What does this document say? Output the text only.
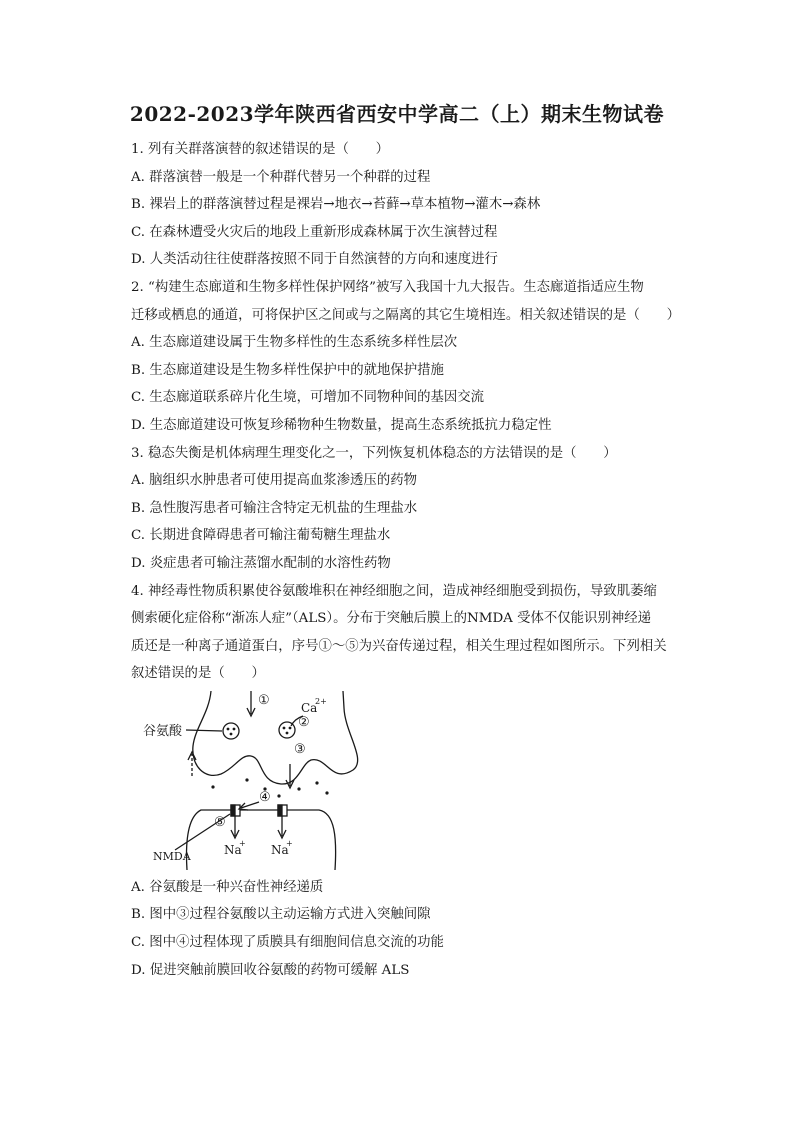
2022-2023学年陕西省西安中学高二（上）期末生物试卷
1. 列有关群落演替的叙述错误的是（　　）
A. 群落演替一般是一个种群代替另一个种群的过程
B. 裸岩上的群落演替过程是裸岩→地衣→苔藓→草本植物→灌木→森林
C. 在森林遭受火灾后的地段上重新形成森林属于次生演替过程
D. 人类活动往往使群落按照不同于自然演替的方向和速度进行
2. “构建生态廊道和生物多样性保护网络”被写入我国十九大报告。生态廊道指适应生物
迁移或栖息的通道，可将保护区之间或与之隔离的其它生境相连。相关叙述错误的是（　　）
A. 生态廊道建设属于生物多样性的生态系统多样性层次
B. 生态廊道建设是生物多样性保护中的就地保护措施
C. 生态廊道联系碎片化生境，可增加不同物种间的基因交流
D. 生态廊道建设可恢复珍稀物种生物数量，提高生态系统抵抗力稳定性
3. 稳态失衡是机体病理生理变化之一，下列恢复机体稳态的方法错误的是（　　）
A. 脑组织水肿患者可使用提高血浆渗透压的药物
B. 急性腹泻患者可输注含特定无机盐的生理盐水
C. 长期进食障碍患者可输注葡萄糖生理盐水
D. 炎症患者可输注蒸馏水配制的水溶性药物
4. 神经毒性物质积累使谷氨酸堆积在神经细胞之间，造成神经细胞受到损伤，导致肌萎缩
侧索硬化症俗称“渐冻人症”（ALS）。分布于突触后膜上的NMDA 受体不仅能识别神经递
质还是一种离子通道蛋白，序号①～⑤为兴奋传递过程，相关生理过程如图所示。下列相关
叙述错误的是（　　）
谷氨酸
①	Ca
2+
②
③
④
⑤
NMDA	Na
+ Na
+
A. 谷氨酸是一种兴奋性神经递质
B. 图中③过程谷氨酸以主动运输方式进入突触间隙
C. 图中④过程体现了质膜具有细胞间信息交流的功能
D. 促进突触前膜回收谷氨酸的药物可缓解 ALS
